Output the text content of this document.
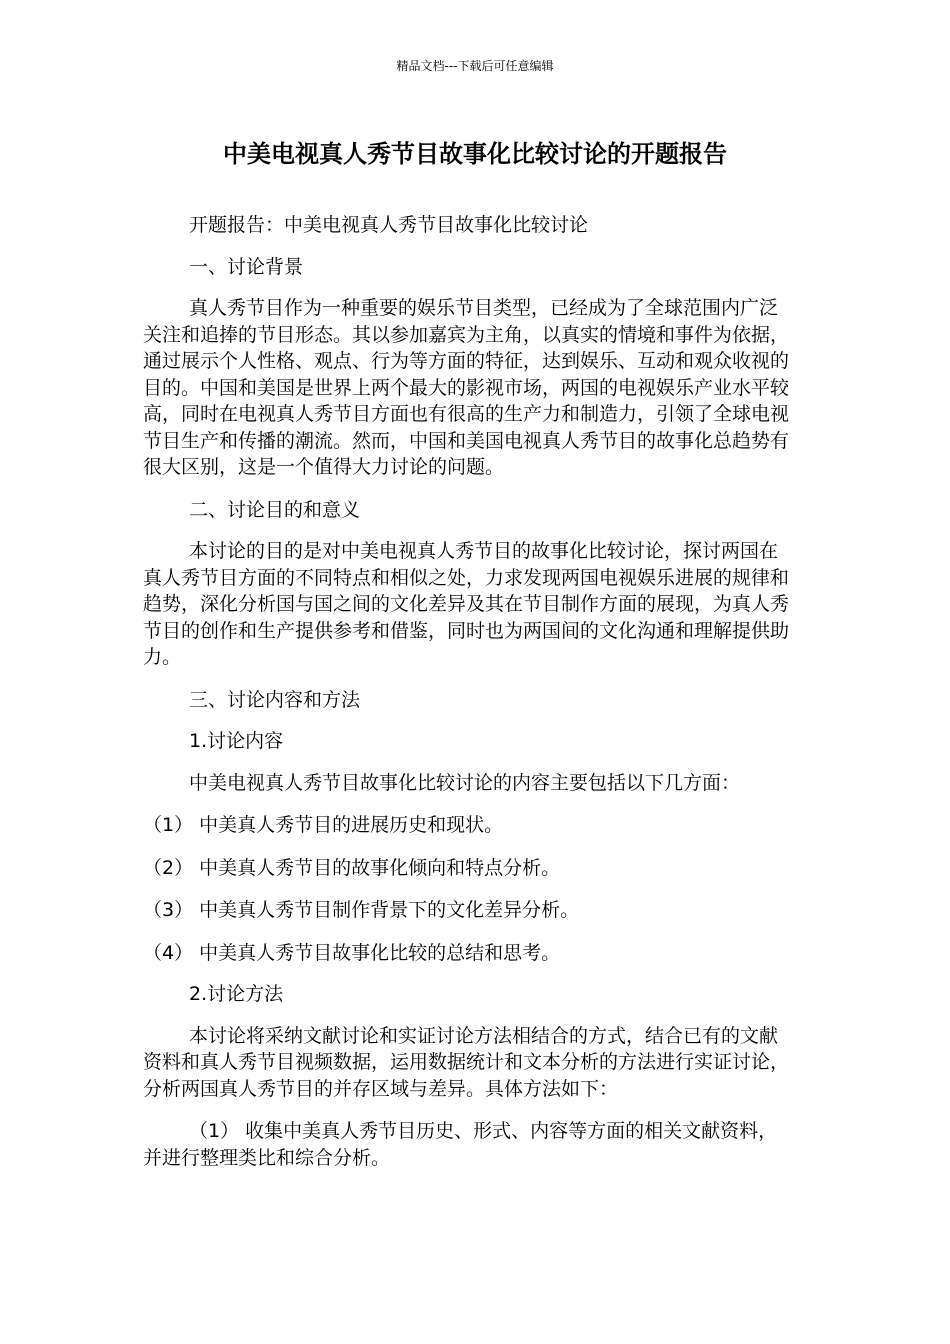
精品文档---下载后可任意编辑
中美电视真人秀节目故事化比较讨论的开题报告

开题报告：中美电视真人秀节目故事化比较讨论

一、讨论背景

真人秀节目作为一种重要的娱乐节目类型，已经成为了全球范围内广泛关注和追捧的节目形态。其以参加嘉宾为主角，以真实的情境和事件为依据，通过展示个人性格、观点、行为等方面的特征，达到娱乐、互动和观众收视的目的。中国和美国是世界上两个最大的影视市场，两国的电视娱乐产业水平较高，同时在电视真人秀节目方面也有很高的生产力和制造力，引领了全球电视节目生产和传播的潮流。然而，中国和美国电视真人秀节目的故事化总趋势有很大区别，这是一个值得大力讨论的问题。

二、讨论目的和意义

本讨论的目的是对中美电视真人秀节目的故事化比较讨论，探讨两国在真人秀节目方面的不同特点和相似之处，力求发现两国电视娱乐进展的规律和趋势，深化分析国与国之间的文化差异及其在节目制作方面的展现，为真人秀节目的创作和生产提供参考和借鉴，同时也为两国间的文化沟通和理解提供助力。

三、讨论内容和方法

1.讨论内容

中美电视真人秀节目故事化比较讨论的内容主要包括以下几方面：

（1） 中美真人秀节目的进展历史和现状。

（2） 中美真人秀节目的故事化倾向和特点分析。

（3） 中美真人秀节目制作背景下的文化差异分析。

（4） 中美真人秀节目故事化比较的总结和思考。

2.讨论方法

本讨论将采纳文献讨论和实证讨论方法相结合的方式，结合已有的文献资料和真人秀节目视频数据，运用数据统计和文本分析的方法进行实证讨论，分析两国真人秀节目的并存区域与差异。具体方法如下：

（1） 收集中美真人秀节目历史、形式、内容等方面的相关文献资料，并进行整理类比和综合分析。
